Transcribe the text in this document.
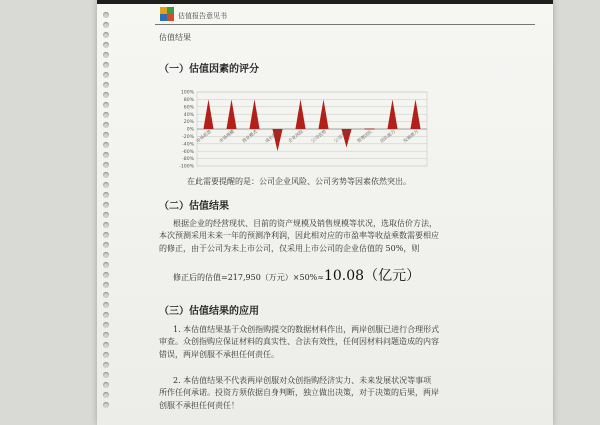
估值报告意见书
估值结果
（一）估值因素的评分
100%
80%
60%
40%
20%
0%
-20%
-40%
-60%
-80%
-100%
市场前景 市场规模 商业模式 成长能力 企业风险 公司优势 公司劣势 管理团队 团队能力 发展潜力
在此需要提醒的是：公司企业风险、公司劣势等因素依然突出。
（二）估值结果
根据企业的经营现状、目前的资产规模及销售规模等状况，选取估价方法，
本次预测采用未来一年的预测净利润，因此相对应的市盈率等收益乘数需要相应
的修正，由于公司为未上市公司，仅采用上市公司的企业估值的 50%，则
修正后的估值=217,950（万元）×50%≈10.08（亿元）
（三）估值结果的应用
1. 本估值结果基于众创指购提交的数据材料作出，两岸创服已进行合理形式
审查。众创指购应保证材料的真实性、合法有效性，任何因材料问题造成的内容
错误，两岸创服不承担任何责任。
2. 本估值结果不代表两岸创服对众创指购经济实力、未来发展状况等事项
所作任何承诺。投资方须依据自身判断，独立做出决策，对于决策的后果，两岸
创服不承担任何责任！
